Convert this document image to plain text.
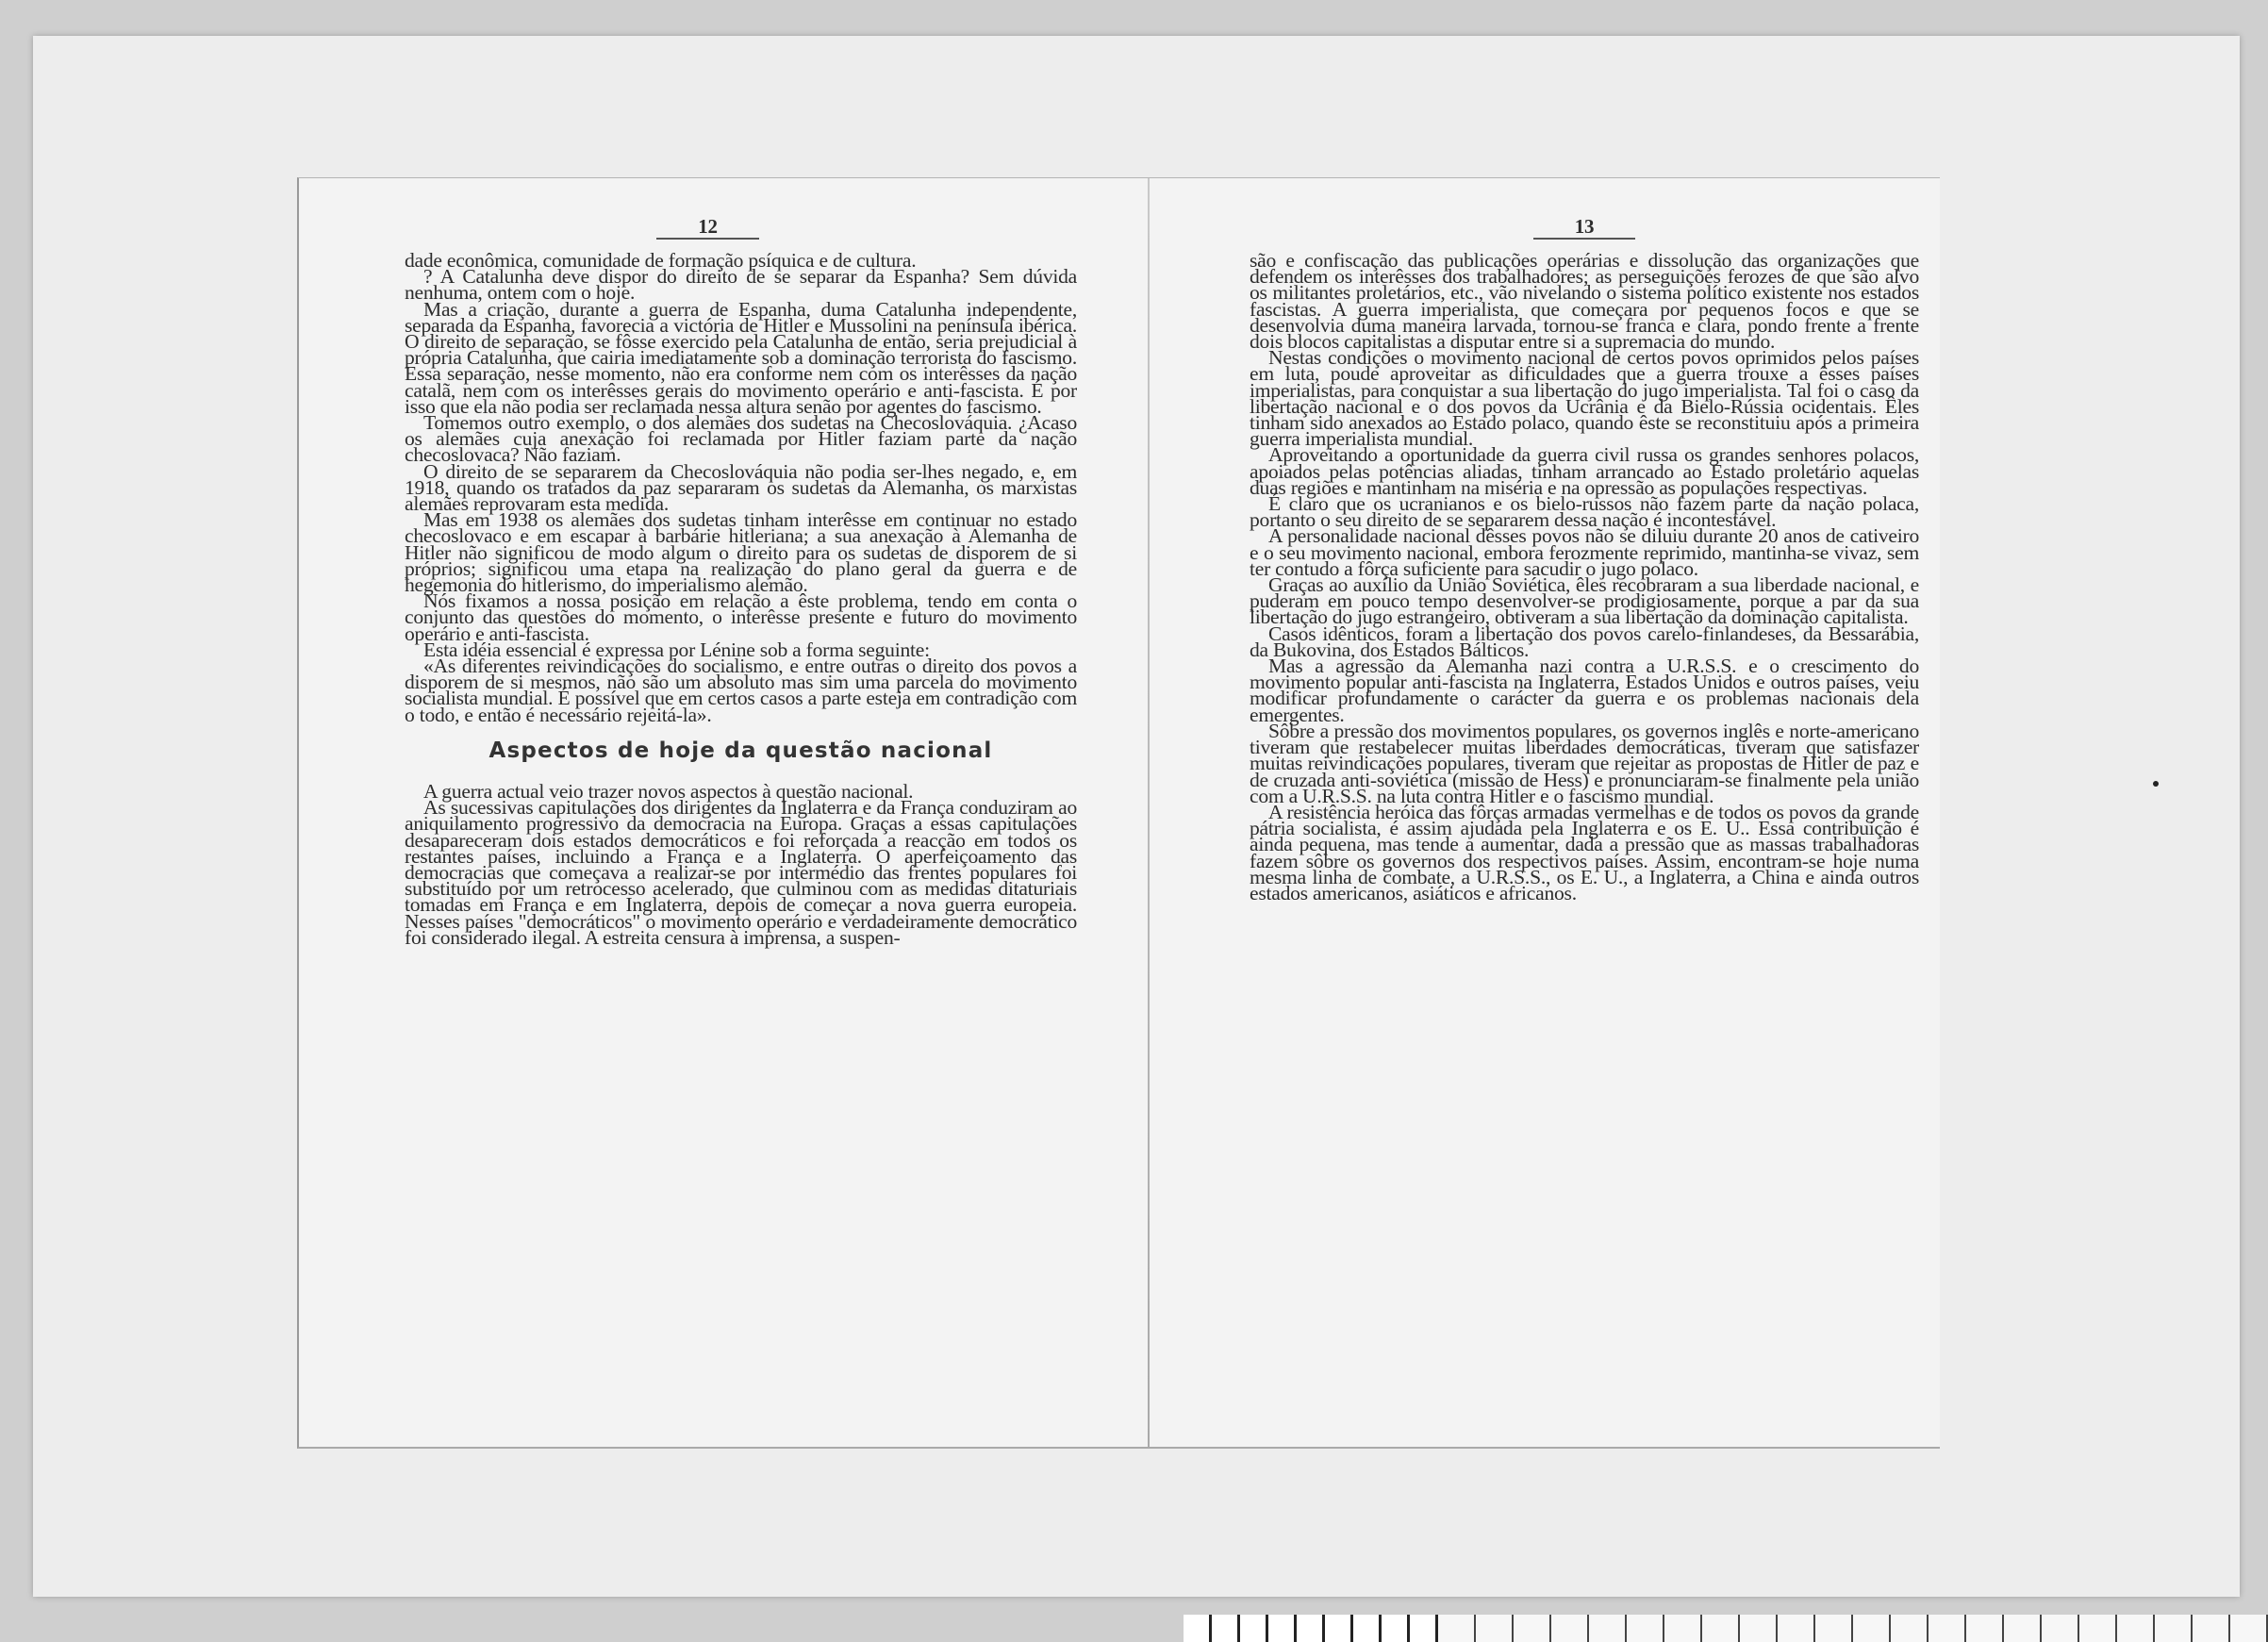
12

dade econômica, comunidade de formação psíquica e de cultura.

? A Catalunha deve dispor do direito de se separar da Espanha? Sem dúvida nenhuma, ontem com o hoje.

Mas a criação, durante a guerra de Espanha, duma Catalunha independente, separada da Espanha, favorecia a victória de Hitler e Mussolini na península ibérica. O direito de separação, se fôsse exercido pela Catalunha de então, seria prejudicial à própria Catalunha, que cairia imediatamente sob a dominação terrorista do fascismo. Essa separação, nesse momento, não era conforme nem com os interêsses da nação catalã, nem com os interêsses gerais do movimento operário e anti-fascista. É por isso que ela não podia ser reclamada nessa altura senão por agentes do fascismo.

Tomemos outro exemplo, o dos alemães dos sudetas na Checoslováquia. ¿Acaso os alemães cuja anexação foi reclamada por Hitler faziam parte da nação checoslovaca? Não faziam.

O direito de se separarem da Checoslováquia não podia ser-lhes negado, e, em 1918, quando os tratados da paz separaram os sudetas da Alemanha, os marxistas alemães reprovaram esta medida.

Mas em 1938 os alemães dos sudetas tinham interêsse em continuar no estado checoslovaco e em escapar à barbárie hitleriana; a sua anexação à Alemanha de Hitler não significou de modo algum o direito para os sudetas de disporem de si próprios; significou uma etapa na realização do plano geral da guerra e de hegemonia do hitlerismo, do imperialismo alemão.

Nós fixamos a nossa posição em relação a êste problema, tendo em conta o conjunto das questões do momento, o interêsse presente e futuro do movimento operário e anti-fascista.

Esta idéia essencial é expressa por Lénine sob a forma seguinte:

«As diferentes reivindicações do socialismo, e entre outras o direito dos povos a disporem de si mesmos, não são um absoluto mas sim uma parcela do movimento socialista mundial. É possível que em certos casos a parte esteja em contradição com o todo, e então é necessário rejeitá-la».

Aspectos de hoje da questão nacional

A guerra actual veio trazer novos aspectos à questão nacional.

As sucessivas capitulações dos dirigentes da Inglaterra e da França conduziram ao aniquilamento progressivo da democracia na Europa. Graças a essas capitulações desapareceram dois estados democráticos e foi reforçada a reacção em todos os restantes países, incluindo a França e a Inglaterra. O aperfeiçoamento das democracias que começava a realizar-se por intermédio das frentes populares foi substituído por um retrocesso acelerado, que culminou com as medidas ditaturiais tomadas em França e em Inglaterra, depois de começar a nova guerra europeia. Nesses países "democráticos" o movimento operário e verdadeiramente democrático foi considerado ilegal. A estreita censura à imprensa, a suspen-

13

são e confiscação das publicações operárias e dissolução das organizações que defendem os interêsses dos trabalhadores; as perseguições ferozes de que são alvo os militantes proletários, etc., vão nivelando o sistema político existente nos estados fascistas. A guerra imperialista, que começara por pequenos focos e que se desenvolvia duma maneira larvada, tornou-se franca e clara, pondo frente a frente dois blocos capitalistas a disputar entre si a supremacia do mundo.

Nestas condições o movimento nacional de certos povos oprimidos pelos países em luta, poude aproveitar as dificuldades que a guerra trouxe a êsses países imperialistas, para conquistar a sua libertação do jugo imperialista. Tal foi o caso da libertação nacional e o dos povos da Ucrânia e da Bielo-Rússia ocidentais. Êles tinham sido anexados ao Estado polaco, quando êste se reconstituiu após a primeira guerra imperialista mundial.

Aproveitando a oportunidade da guerra civil russa os grandes senhores polacos, apoiados pelas potências aliadas, tinham arrancado ao Estado proletário aquelas duas regiões e mantinham na miséria e na opressão as populações respectivas.

É claro que os ucranianos e os bielo-russos não fazem parte da nação polaca, portanto o seu direito de se separarem dessa nação é incontestável.

A personalidade nacional dêsses povos não se diluiu durante 20 anos de cativeiro e o seu movimento nacional, embora ferozmente reprimido, mantinha-se vivaz, sem ter contudo a fôrça suficiente para sacudir o jugo polaco.

Graças ao auxílio da União Soviética, êles recobraram a sua liberdade nacional, e puderam em pouco tempo desenvolver-se prodigiosamente, porque a par da sua libertação do jugo estrangeiro, obtiveram a sua libertação da dominação capitalista.

Casos idênticos, foram a libertação dos povos carelo-finlandeses, da Bessarábia, da Bukovina, dos Estados Bálticos.

Mas a agressão da Alemanha nazi contra a U.R.S.S. e o crescimento do movimento popular anti-fascista na Inglaterra, Estados Unidos e outros países, veiu modificar profundamente o carácter da guerra e os problemas nacionais dela emergentes.

Sôbre a pressão dos movimentos populares, os governos inglês e norte-americano tiveram que restabelecer muitas liberdades democráticas, tiveram que satisfazer muitas reivindicações populares, tiveram que rejeitar as propostas de Hitler de paz e de cruzada anti-soviética (missão de Hess) e pronunciaram-se finalmente pela união com a U.R.S.S. na luta contra Hitler e o fascismo mundial.

A resistência heróica das fôrças armadas vermelhas e de todos os povos da grande pátria socialista, é assim ajudada pela Inglaterra e os E. U.. Essa contribuição é ainda pequena, mas tende a aumentar, dada a pressão que as massas trabalhadoras fazem sôbre os governos dos respectivos países. Assim, encontram-se hoje numa mesma linha de combate, a U.R.S.S., os E. U., a Inglaterra, a China e ainda outros estados americanos, asiáticos e africanos.
